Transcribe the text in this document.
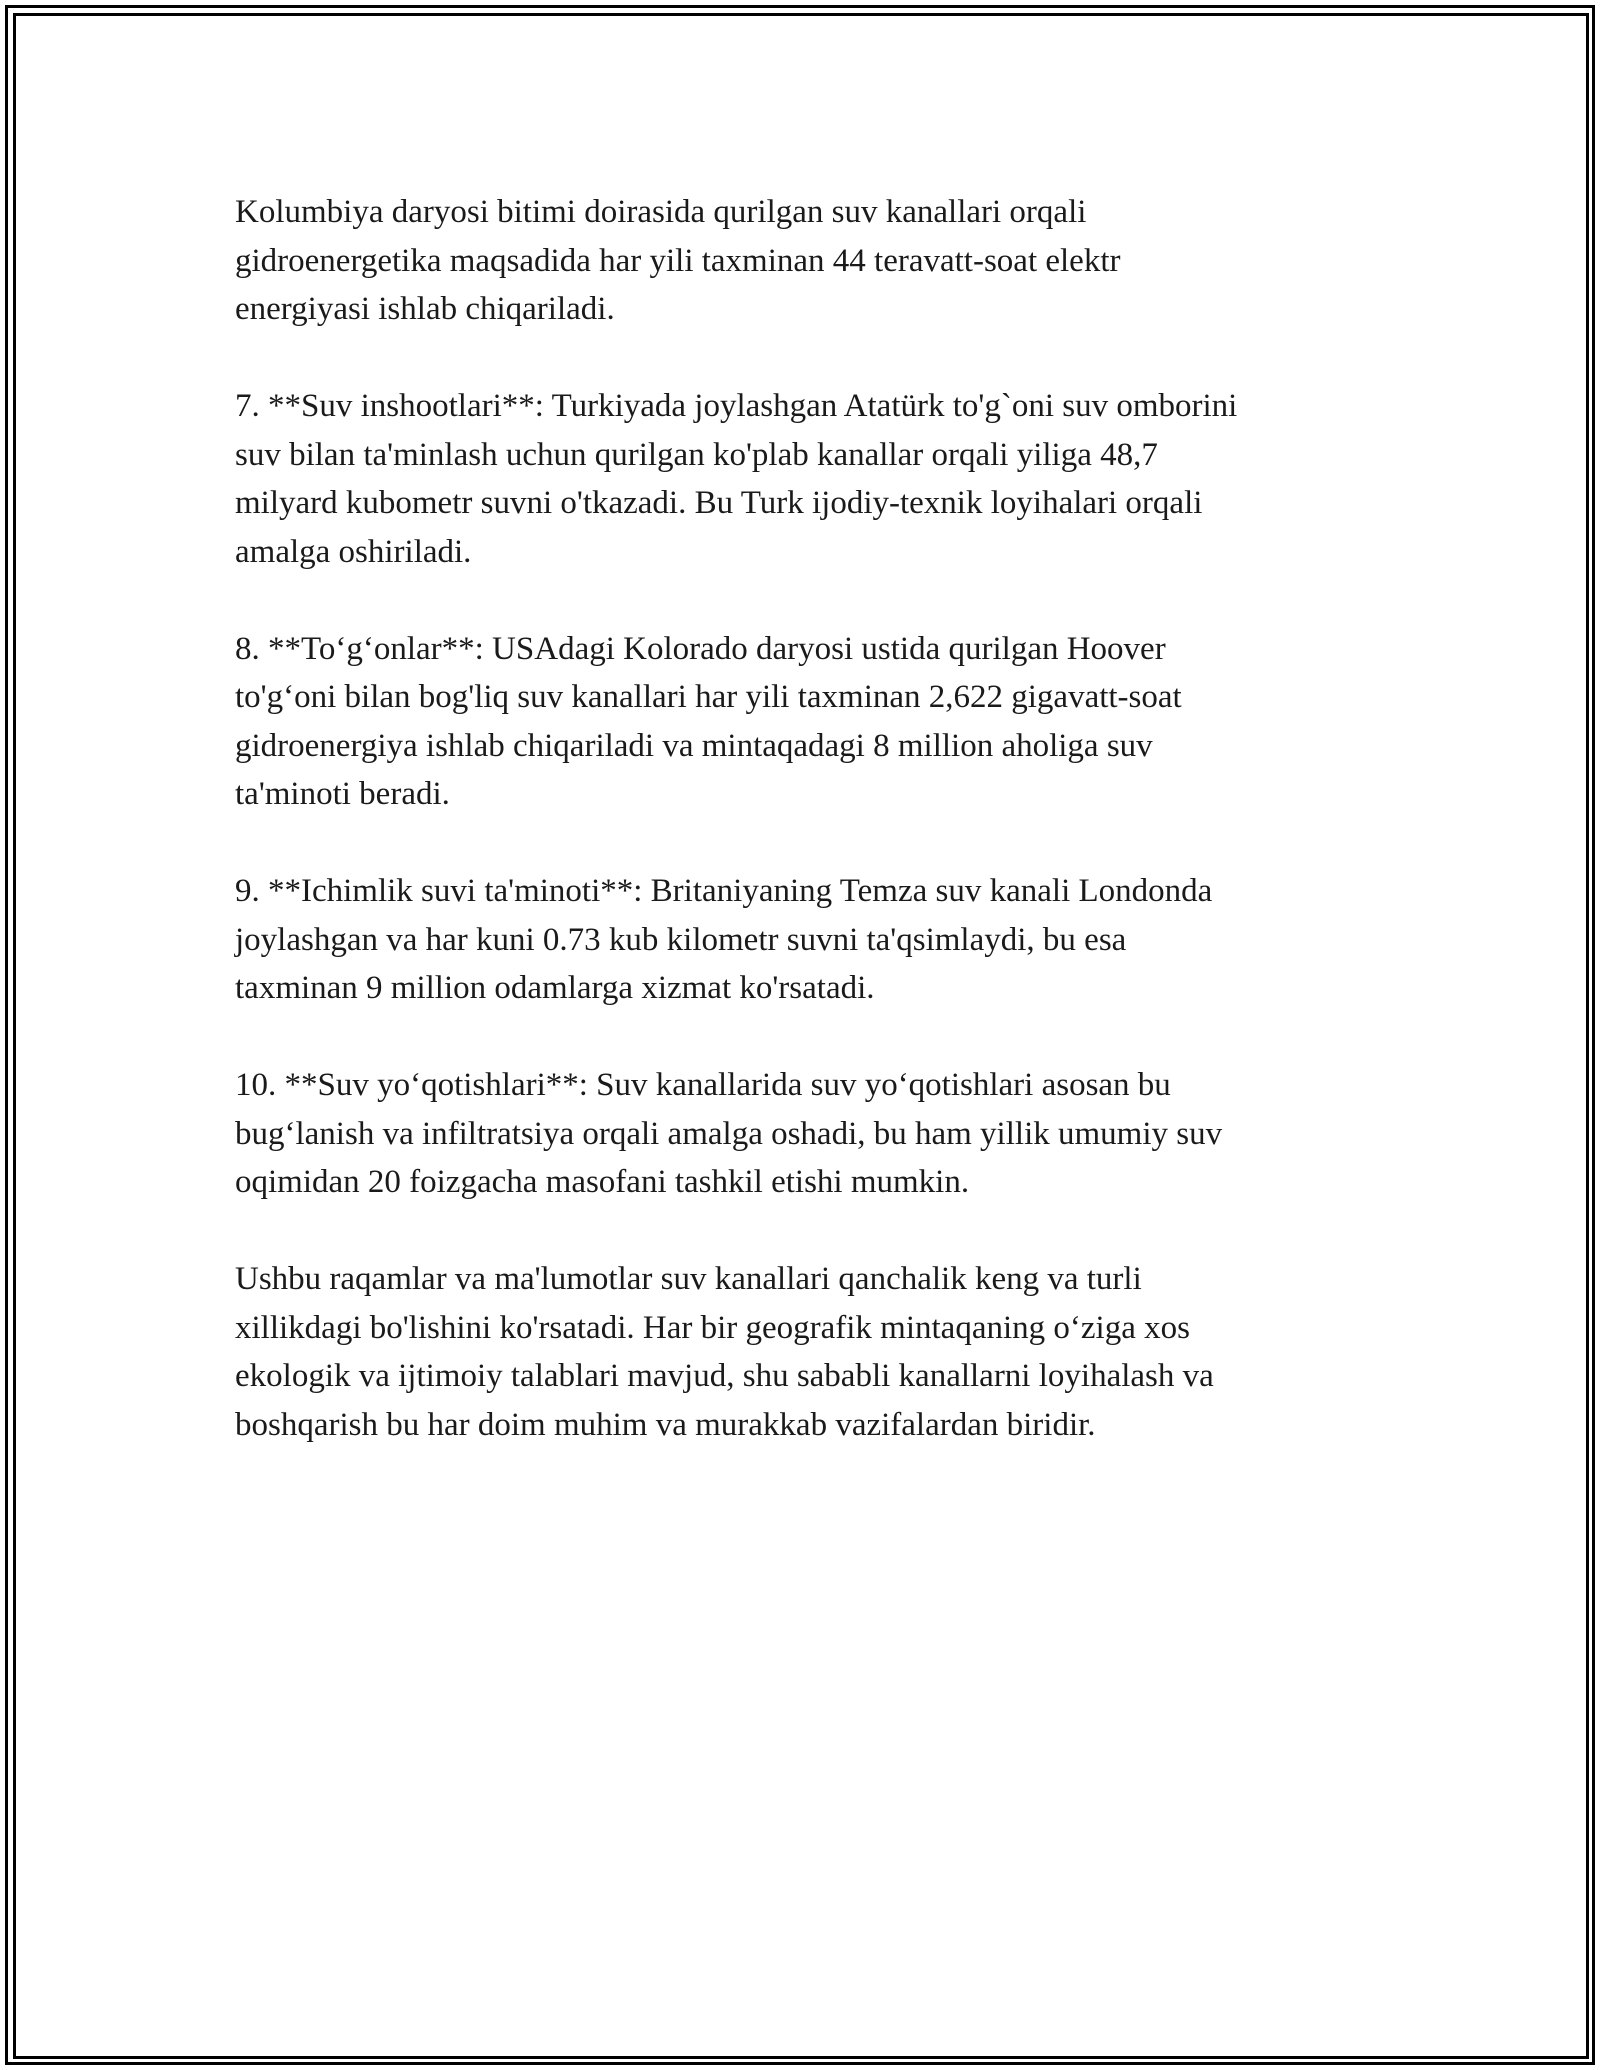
Kolumbiya daryosi bitimi doirasida qurilgan suv kanallari orqali
gidroenergetika maqsadida har yili taxminan 44 teravatt-soat elektr
energiyasi ishlab chiqariladi.

7. **Suv inshootlari**: Turkiyada joylashgan Atatürk to'g`oni suv omborini
suv bilan ta'minlash uchun qurilgan ko'plab kanallar orqali yiliga 48,7
milyard kubometr suvni o'tkazadi. Bu Turk ijodiy-texnik loyihalari orqali
amalga oshiriladi.

8. **To‘g‘onlar**: USAdagi Kolorado daryosi ustida qurilgan Hoover
to'g‘oni bilan bog'liq suv kanallari har yili taxminan 2,622 gigavatt-soat
gidroenergiya ishlab chiqariladi va mintaqadagi 8 million aholiga suv
ta'minoti beradi.

9. **Ichimlik suvi ta'minoti**: Britaniyaning Temza suv kanali Londonda
joylashgan va har kuni 0.73 kub kilometr suvni ta'qsimlaydi, bu esa
taxminan 9 million odamlarga xizmat ko'rsatadi.

10. **Suv yo‘qotishlari**: Suv kanallarida suv yo‘qotishlari asosan bu
bug‘lanish va infiltratsiya orqali amalga oshadi, bu ham yillik umumiy suv
oqimidan 20 foizgacha masofani tashkil etishi mumkin.

Ushbu raqamlar va ma'lumotlar suv kanallari qanchalik keng va turli
xillikdagi bo'lishini ko'rsatadi. Har bir geografik mintaqaning o‘ziga xos
ekologik va ijtimoiy talablari mavjud, shu sababli kanallarni loyihalash va
boshqarish bu har doim muhim va murakkab vazifalardan biridir.
